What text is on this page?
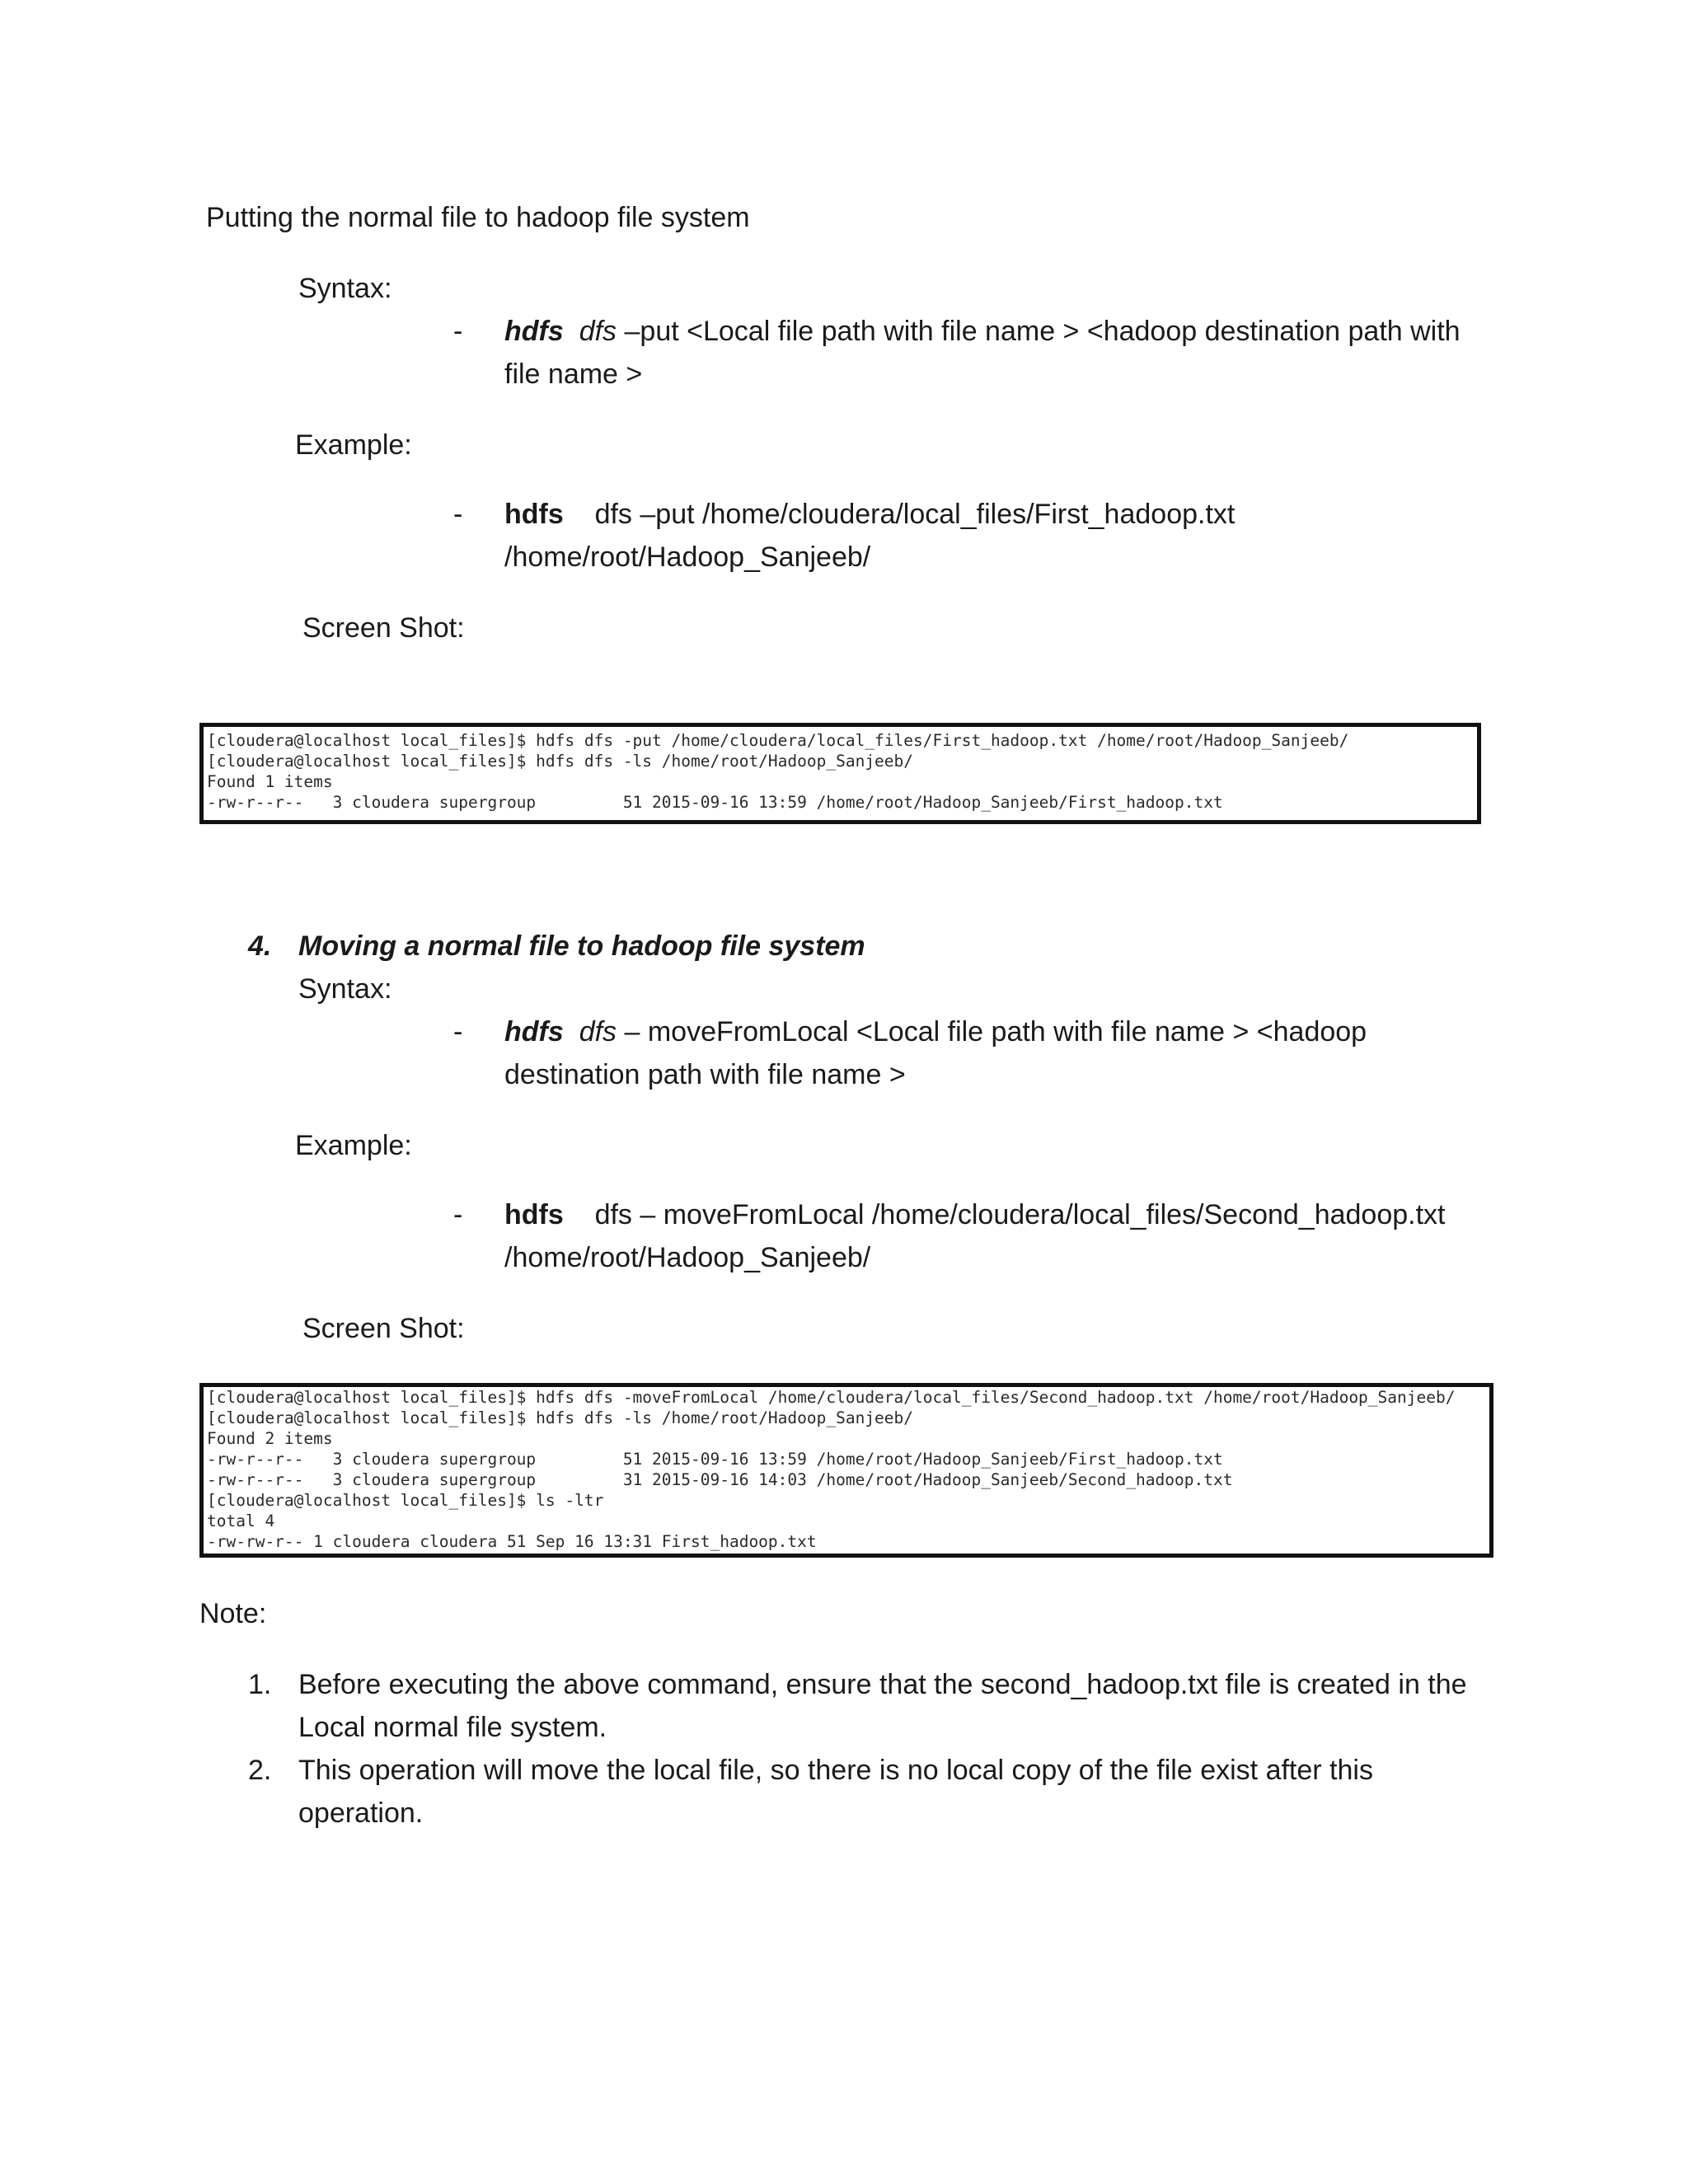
Putting the normal file to hadoop file system
Syntax:
- hdfs dfs –put <Local file path with file name > <hadoop destination path with
file name >
Example:
- hdfs dfs –put /home/cloudera/local_files/First_hadoop.txt
/home/root/Hadoop_Sanjeeb/
Screen Shot:
[cloudera@localhost local_files]$ hdfs dfs -put /home/cloudera/local_files/First_hadoop.txt /home/root/Hadoop_Sanjeeb/
[cloudera@localhost local_files]$ hdfs dfs -ls /home/root/Hadoop_Sanjeeb/
Found 1 items
-rw-r--r--   3 cloudera supergroup         51 2015-09-16 13:59 /home/root/Hadoop_Sanjeeb/First_hadoop.txt
4. Moving a normal file to hadoop file system
Syntax:
- hdfs dfs – moveFromLocal <Local file path with file name > <hadoop
destination path with file name >
Example:
- hdfs dfs – moveFromLocal /home/cloudera/local_files/Second_hadoop.txt
/home/root/Hadoop_Sanjeeb/
Screen Shot:
[cloudera@localhost local_files]$ hdfs dfs -moveFromLocal /home/cloudera/local_files/Second_hadoop.txt /home/root/Hadoop_Sanjeeb/
[cloudera@localhost local_files]$ hdfs dfs -ls /home/root/Hadoop_Sanjeeb/
Found 2 items
-rw-r--r--   3 cloudera supergroup         51 2015-09-16 13:59 /home/root/Hadoop_Sanjeeb/First_hadoop.txt
-rw-r--r--   3 cloudera supergroup         31 2015-09-16 14:03 /home/root/Hadoop_Sanjeeb/Second_hadoop.txt
[cloudera@localhost local_files]$ ls -ltr
total 4
-rw-rw-r-- 1 cloudera cloudera 51 Sep 16 13:31 First_hadoop.txt
Note:
1. Before executing the above command, ensure that the second_hadoop.txt file is created in the
Local normal file system.
2. This operation will move the local file, so there is no local copy of the file exist after this
operation.
